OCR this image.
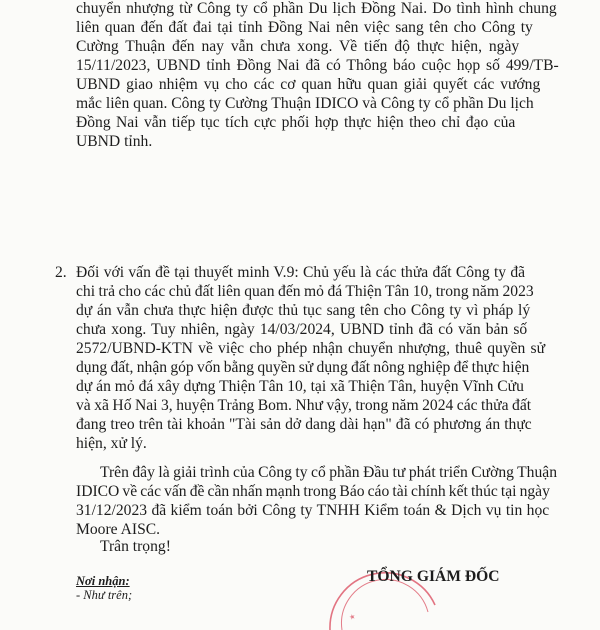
chuyển nhượng từ Công ty cổ phần Du lịch Đồng Nai. Do tình hình chung
liên quan đến đất đai tại tỉnh Đồng Nai nên việc sang tên cho Công ty
Cường Thuận đến nay vẫn chưa xong. Về tiến độ thực hiện, ngày
15/11/2023, UBND tỉnh Đồng Nai đã có Thông báo cuộc họp số 499/TB-
UBND giao nhiệm vụ cho các cơ quan hữu quan giải quyết các vướng
mắc liên quan. Công ty Cường Thuận IDICO và Công ty cổ phần Du lịch
Đồng Nai vẫn tiếp tục tích cực phối hợp thực hiện theo chỉ đạo của
UBND tỉnh.
2. Đối với vấn đề tại thuyết minh V.9: Chủ yếu là các thửa đất Công ty đã
chi trả cho các chủ đất liên quan đến mỏ đá Thiện Tân 10, trong năm 2023
dự án vẫn chưa thực hiện được thủ tục sang tên cho Công ty vì pháp lý
chưa xong. Tuy nhiên, ngày 14/03/2024, UBND tỉnh đã có văn bản số
2572/UBND-KTN về việc cho phép nhận chuyển nhượng, thuê quyền sử
dụng đất, nhận góp vốn bằng quyền sử dụng đất nông nghiệp để thực hiện
dự án mỏ đá xây dựng Thiện Tân 10, tại xã Thiện Tân, huyện Vĩnh Cửu
và xã Hố Nai 3, huyện Trảng Bom. Như vậy, trong năm 2024 các thửa đất
đang treo trên tài khoản "Tài sản dở dang dài hạn" đã có phương án thực
hiện, xử lý.
Trên đây là giải trình của Công ty cổ phần Đầu tư phát triển Cường Thuận
IDICO về các vấn đề cần nhấn mạnh trong Báo cáo tài chính kết thúc tại ngày
31/12/2023 đã kiểm toán bởi Công ty TNHH Kiểm toán & Dịch vụ tin học
Moore AISC.
Trân trọng!
★
Nơi nhận:
- Như trên;
TỔNG GIÁM ĐỐC
